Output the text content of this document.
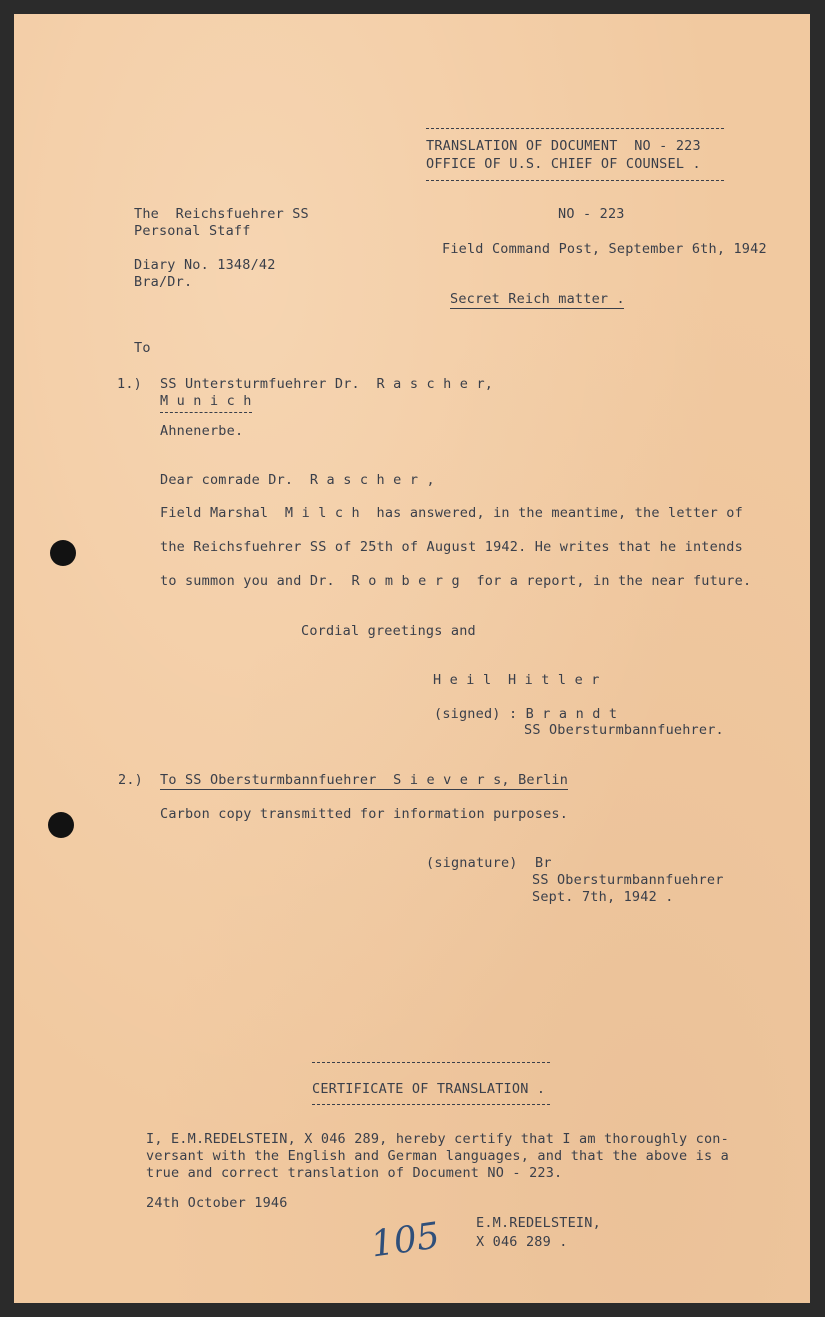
TRANSLATION OF DOCUMENT  NO - 223
OFFICE OF U.S. CHIEF OF COUNSEL .
The  Reichsfuehrer SS
Personal Staff
Diary No. 1348/42
Bra/Dr.
NO - 223
Field Command Post, September 6th, 1942
Secret Reich matter .
To
1.) SS Untersturmfuehrer Dr.  R a s c h e r,
M u n i c h
Ahnenerbe.
Dear comrade Dr.  R a s c h e r ,
Field Marshal  M i l c h  has answered, in the meantime, the letter of
the Reichsfuehrer SS of 25th of August 1942. He writes that he intends
to summon you and Dr.  R o m b e r g  for a report, in the near future.
Cordial greetings and
H e i l  H i t l e r
(signed) : B r a n d t
SS Obersturmbannfuehrer.
2.) To SS Obersturmbannfuehrer  S i e v e r s, Berlin
Carbon copy transmitted for information purposes.
(signature) Br
SS Obersturmbannfuehrer
Sept. 7th, 1942 .
CERTIFICATE OF TRANSLATION .
I, E.M.REDELSTEIN, X 046 289, hereby certify that I am thoroughly con-
versant with the English and German languages, and that the above is a
true and correct translation of Document NO - 223.
24th October 1946
E.M.REDELSTEIN,
X 046 289 .
105
